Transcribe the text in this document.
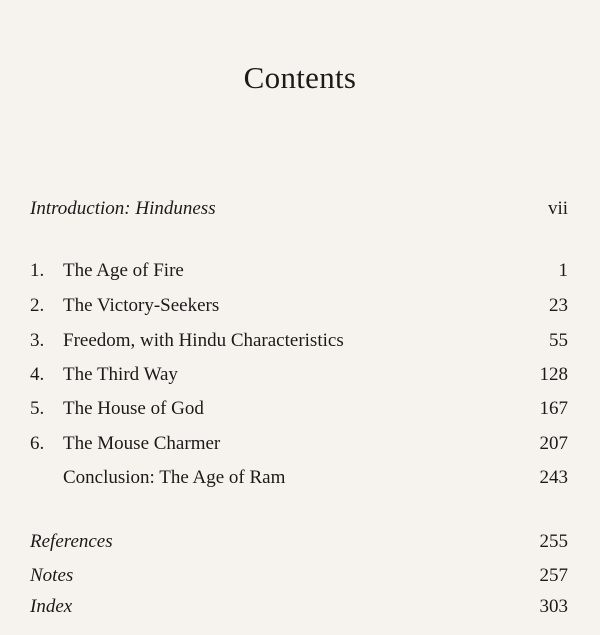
Contents
Introduction: Hinduness	vii
1. The Age of Fire	1
2. The Victory-Seekers	23
3. Freedom, with Hindu Characteristics	55
4. The Third Way	128
5. The House of God	167
6. The Mouse Charmer	207
Conclusion: The Age of Ram	243
References	255
Notes	257
Index	303
